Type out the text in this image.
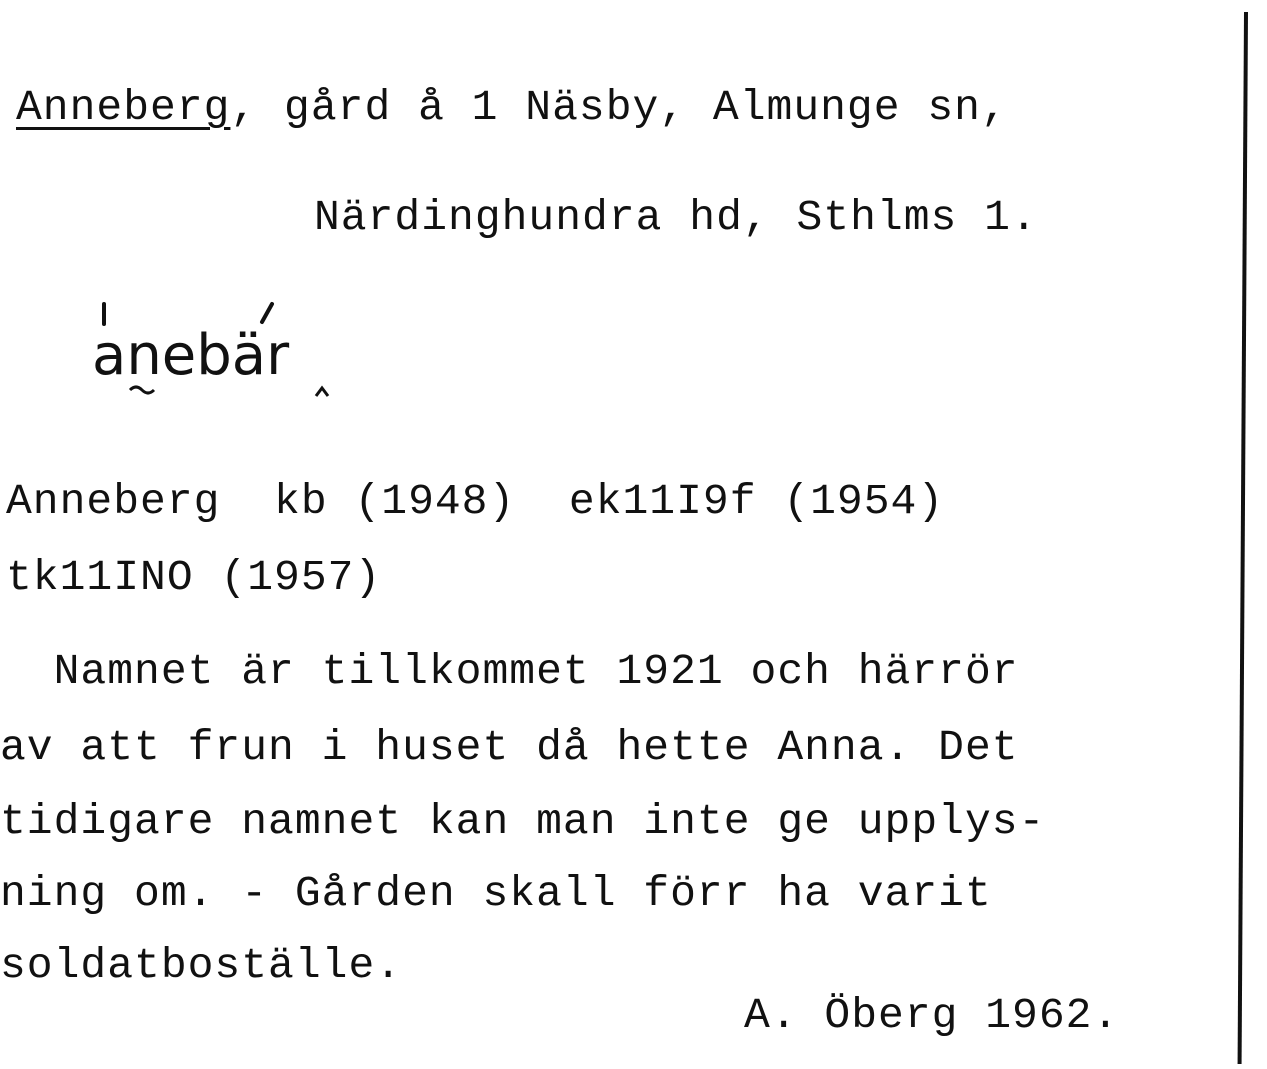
Anneberg, gård å 1 Näsby, Almunge sn,
Närdinghundra hd, Sthlms 1.
anebär
Anneberg  kb (1948)  ek11I9f (1954)
tk11INO (1957)
Namnet är tillkommet 1921 och härrör
av att frun i huset då hette Anna. Det
tidigare namnet kan man inte ge upplys-
ning om. - Gården skall förr ha varit
soldatboställe.
A. Öberg 1962.
